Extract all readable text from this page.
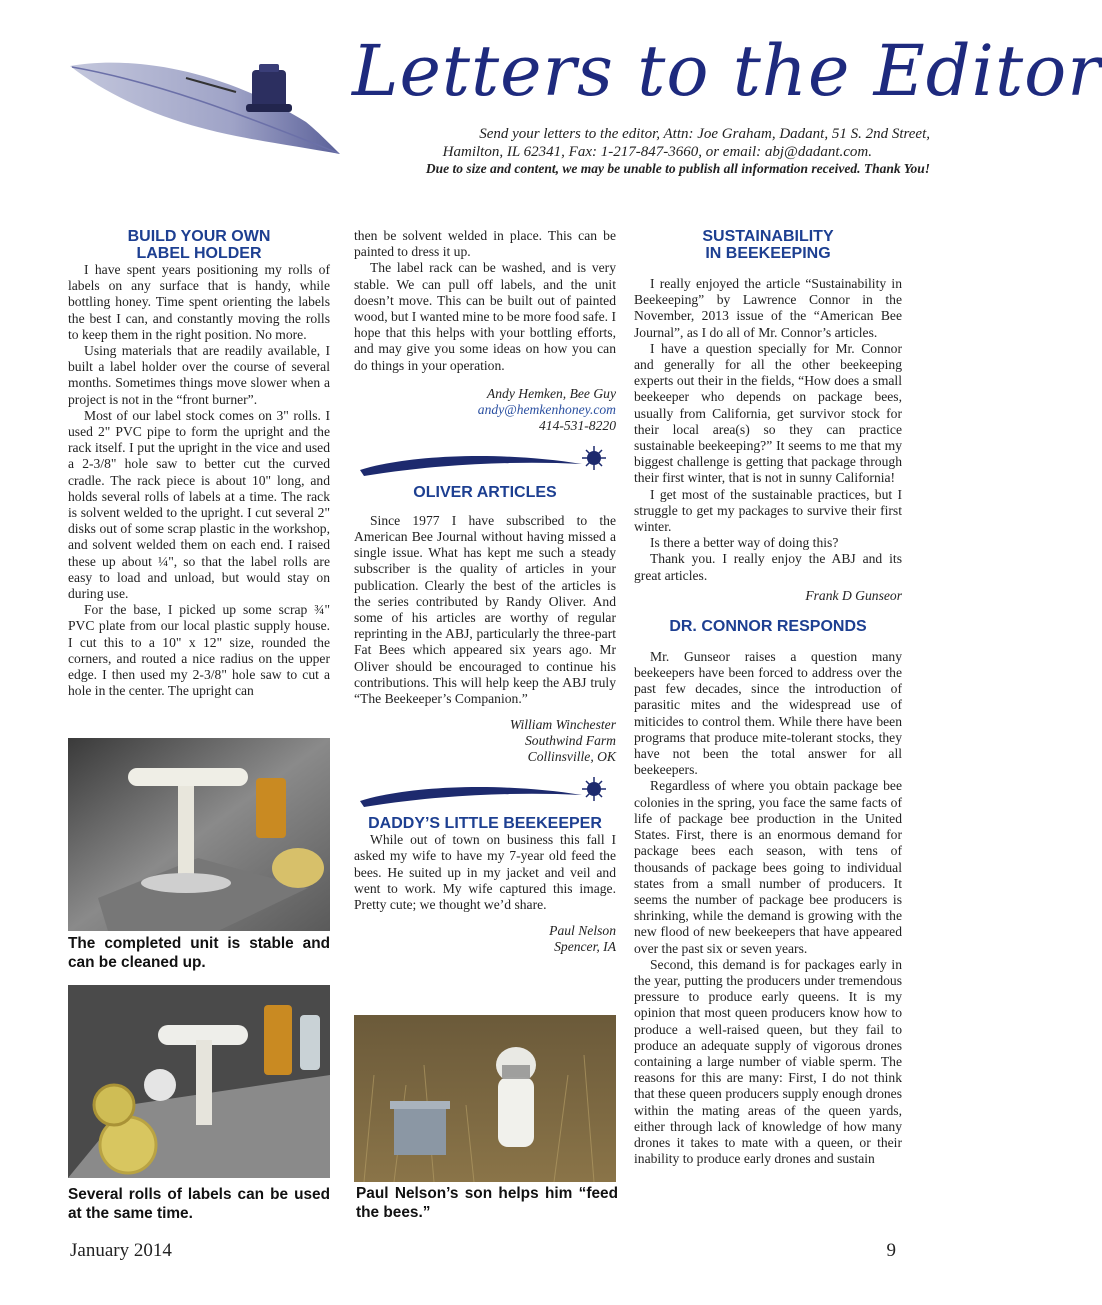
Letters to the Editor
Send your letters to the editor, Attn: Joe Graham, Dadant, 51 S. 2nd Street,
Hamilton, IL 62341, Fax: 1-217-847-3660, or email: abj@dadant.com.
Due to size and content, we may be unable to publish all information received. Thank You!
BUILD YOUR OWN
LABEL HOLDER

I have spent years positioning my rolls of labels on any surface that is handy, while bottling honey. Time spent orienting the labels the best I can, and constantly moving the rolls to keep them in the right position. No more.

Using materials that are readily available, I built a label holder over the course of several months. Sometimes things move slower when a project is not in the “front burner”.

Most of our label stock comes on 3" rolls. I used 2" PVC pipe to form the upright and the rack itself. I put the upright in the vice and used a 2-3/8" hole saw to better cut the curved cradle. The rack piece is about 10" long, and holds several rolls of labels at a time. The rack is solvent welded to the upright. I cut several 2" disks out of some scrap plastic in the workshop, and solvent welded them on each end. I raised these up about ¼", so that the label rolls are easy to load and unload, but would stay on during use.

For the base, I picked up some scrap ¾" PVC plate from our local plastic supply house. I cut this to a 10" x 12" size, rounded the corners, and routed a nice radius on the upper edge. I then used my 2-3/8" hole saw to cut a hole in the center. The upright can

The completed unit is stable and can be cleaned up.
Several rolls of labels can be used at the same time.

then be solvent welded in place. This can be painted to dress it up.

The label rack can be washed, and is very stable. We can pull off labels, and the unit doesn’t move. This can be built out of painted wood, but I wanted mine to be more food safe. I hope that this helps with your bottling efforts, and may give you some ideas on how you can do things in your operation.

Andy Hemken, Bee Guy
andy@hemkenhoney.com
414-531-8220
OLIVER ARTICLES

Since 1977 I have subscribed to the American Bee Journal without having missed a single issue. What has kept me such a steady subscriber is the quality of articles in your publication. Clearly the best of the articles is the series contributed by Randy Oliver. And some of his articles are worthy of regular reprinting in the ABJ, particularly the three-part Fat Bees which appeared six years ago. Mr Oliver should be encouraged to continue his contributions. This will help keep the ABJ truly “The Beekeeper’s Companion.”

William Winchester
Southwind Farm
Collinsville, OK
DADDY’S LITTLE BEEKEEPER

While out of town on business this fall I asked my wife to have my 7-year old feed the bees. He suited up in my jacket and veil and went to work. My wife captured this image. Pretty cute; we thought we’d share.

Paul Nelson
Spencer, IA
Paul Nelson’s son helps him “feed the bees.”
SUSTAINABILITY
IN BEEKEEPING

I really enjoyed the article “Sustainability in Beekeeping” by Lawrence Connor in the November, 2013 issue of the “American Bee Journal”, as I do all of Mr. Connor’s articles.

I have a question specially for Mr. Connor and generally for all the other beekeeping experts out their in the fields, “How does a small beekeeper who depends on package bees, usually from California, get survivor stock for their local area(s) so they can practice sustainable beekeeping?” It seems to me that my biggest challenge is getting that package through their first winter, that is not in sunny California!

I get most of the sustainable practices, but I struggle to get my packages to survive their first winter.

Is there a better way of doing this?

Thank you. I really enjoy the ABJ and its great articles.

Frank D Gunseor
DR. CONNOR RESPONDS

Mr. Gunseor raises a question many beekeepers have been forced to address over the past few decades, since the introduction of parasitic mites and the widespread use of miticides to control them. While there have been programs that produce mite-tolerant stocks, they have not been the total answer for all beekeepers.

Regardless of where you obtain package bee colonies in the spring, you face the same facts of life of package bee production in the United States. First, there is an enormous demand for package bees each season, with tens of thousands of package bees going to individual states from a small number of producers. It seems the number of package bee producers is shrinking, while the demand is growing with the new flood of new beekeepers that have appeared over the past six or seven years.

Second, this demand is for packages early in the year, putting the producers under tremendous pressure to produce early queens. It is my opinion that most queen producers know how to produce a well-raised queen, but they fail to produce an adequate supply of vigorous drones containing a large number of viable sperm. The reasons for this are many: First, I do not think that these queen producers supply enough drones within the mating areas of the queen yards, either through lack of knowledge of how many drones it takes to mate with a queen, or their inability to produce early drones and sustain

January 2014	9
